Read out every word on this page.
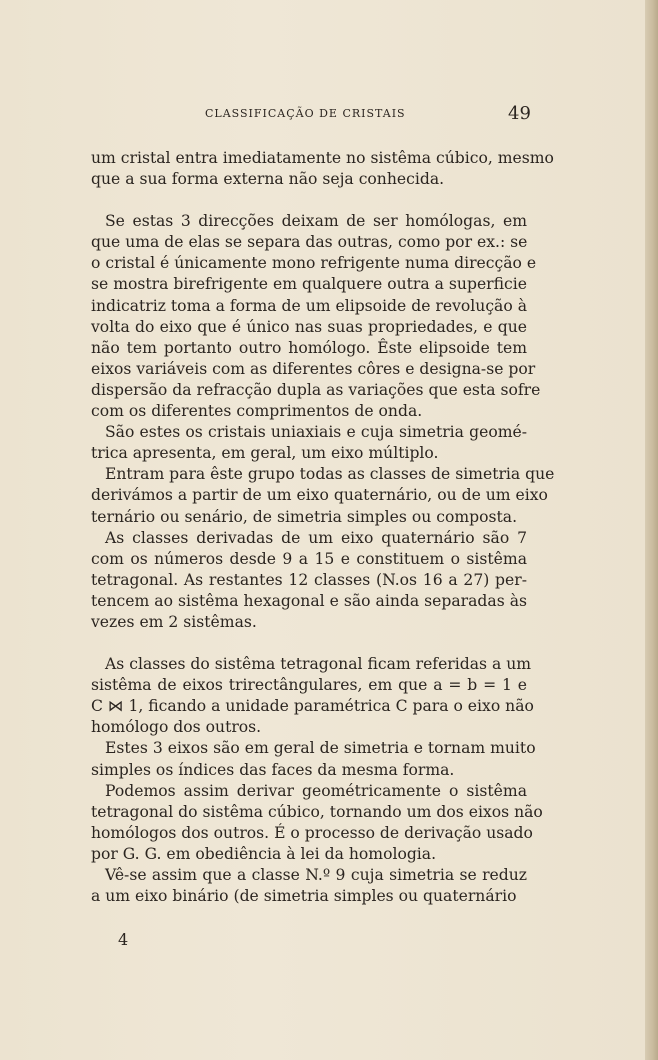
CLASSIFICAÇÃO DE CRISTAIS	49
um cristal entra imediatamente no sistêma cúbico, mesmo
que a sua forma externa não seja conhecida.
Se estas 3 direcções deixam de ser homólogas, em
que uma de elas se separa das outras, como por ex.: se
o cristal é únicamente mono refrigente numa direcção e
se mostra birefrigente em qualquere outra a superficie
indicatriz toma a forma de um elipsoide de revolução à
volta do eixo que é único nas suas propriedades, e que
não tem portanto outro homólogo. Êste elipsoide tem
eixos variáveis com as diferentes côres e designa-se por
dispersão da refracção dupla as variações que esta sofre
com os diferentes comprimentos de onda.
São estes os cristais uniaxiais e cuja simetria geomé-
trica apresenta, em geral, um eixo múltiplo.
Entram para êste grupo todas as classes de simetria que
derivámos a partir de um eixo quaternário, ou de um eixo
ternário ou senário, de simetria simples ou composta.
As classes derivadas de um eixo quaternário são 7
com os números desde 9 a 15 e constituem o sistêma
tetragonal. As restantes 12 classes (N.os 16 a 27) per-
tencem ao sistêma hexagonal e são ainda separadas às
vezes em 2 sistêmas.
As classes do sistêma tetragonal ficam referidas a um
sistêma de eixos trirectângulares, em que a = b = 1 e
C ⋈ 1, ficando a unidade paramétrica C para o eixo não
homólogo dos outros.
Estes 3 eixos são em geral de simetria e tornam muito
simples os índices das faces da mesma forma.
Podemos assim derivar geométricamente o sistêma
tetragonal do sistêma cúbico, tornando um dos eixos não
homólogos dos outros. É o processo de derivação usado
por G. G. em obediência à lei da homologia.
Vê-se assim que a classe N.º 9 cuja simetria se reduz
a um eixo binário (de simetria simples ou quaternário
4
